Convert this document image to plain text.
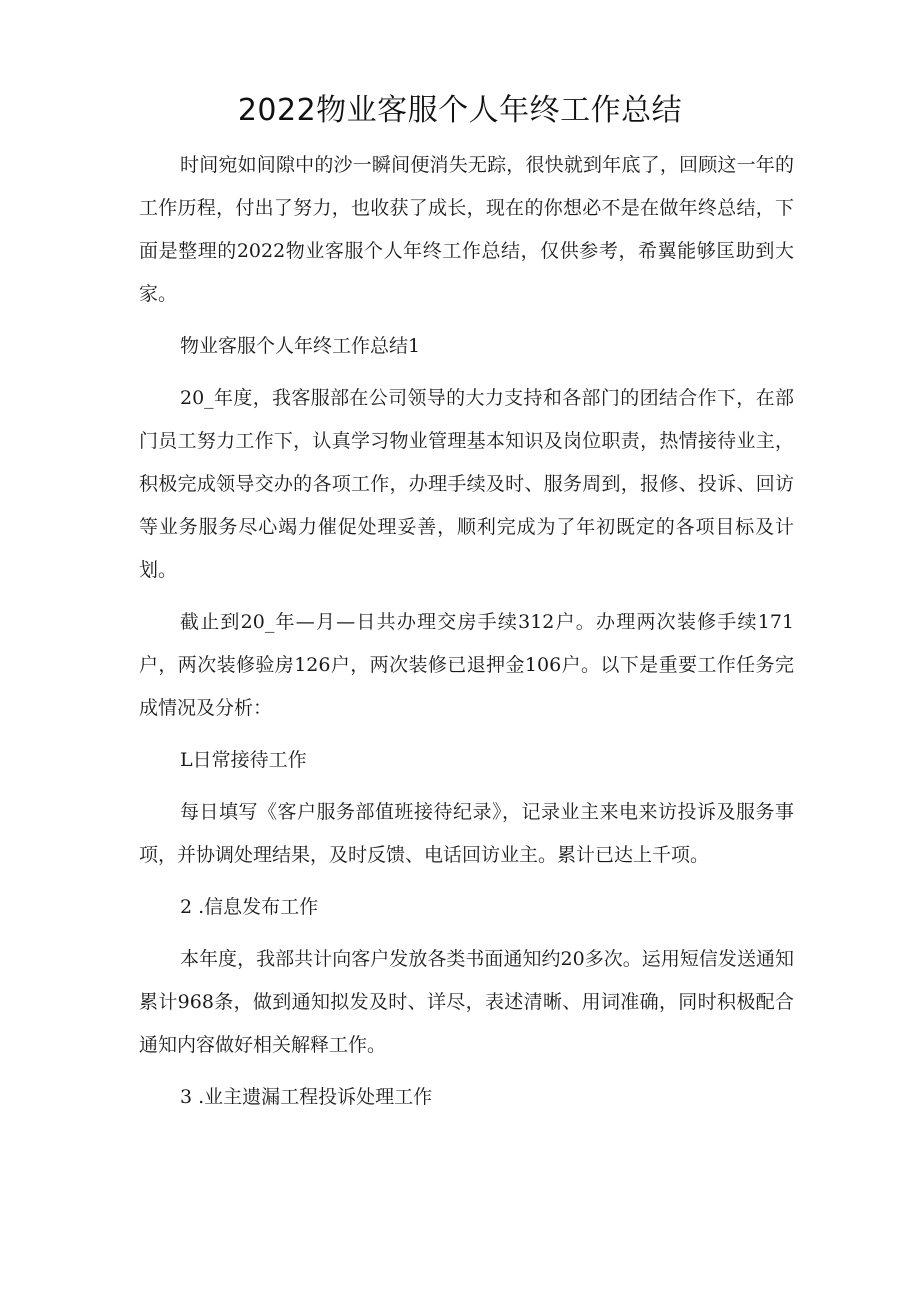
2022物业客服个人年终工作总结

时间宛如间隙中的沙一瞬间便消失无踪，很快就到年底了，回顾这一年的工作历程，付出了努力，也收获了成长，现在的你想必不是在做年终总结，下面是整理的2022物业客服个人年终工作总结，仅供参考，希翼能够匡助到大家。

物业客服个人年终工作总结1

20_年度，我客服部在公司领导的大力支持和各部门的团结合作下，在部门员工努力工作下，认真学习物业管理基本知识及岗位职责，热情接待业主，积极完成领导交办的各项工作，办理手续及时、服务周到，报修、投诉、回访等业务服务尽心竭力催促处理妥善，顺利完成为了年初既定的各项目标及计划。

截止到20_年—月—日共办理交房手续312户。办理两次装修手续171户，两次装修验房126户，两次装修已退押金106户。以下是重要工作任务完成情况及分析：

L日常接待工作

每日填写《客户服务部值班接待纪录》，记录业主来电来访投诉及服务事项，并协调处理结果，及时反馈、电话回访业主。累计已达上千项。

2 .信息发布工作

本年度，我部共计向客户发放各类书面通知约20多次。运用短信发送通知累计968条，做到通知拟发及时、详尽，表述清晰、用词准确，同时积极配合通知内容做好相关解释工作。

3 .业主遗漏工程投诉处理工作
